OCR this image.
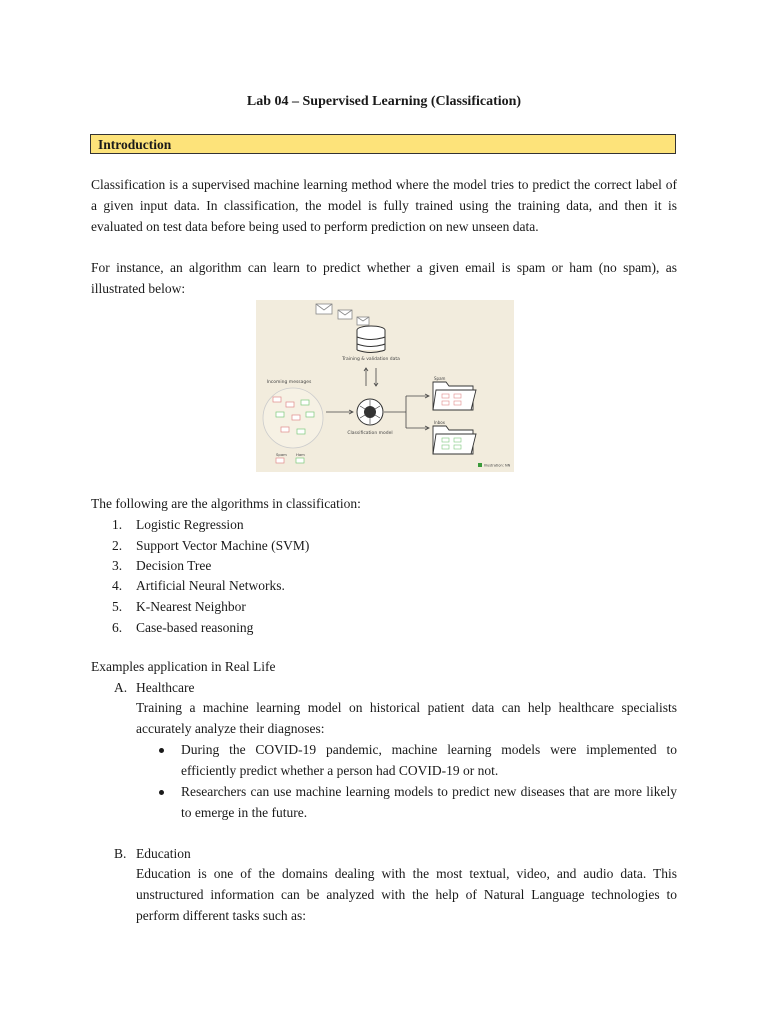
Lab 04 – Supervised Learning (Classification)
Introduction
Classification is a supervised machine learning method where the model tries to predict the correct label of a given input data. In classification, the model is fully trained using the training data, and then it is evaluated on test data before being used to perform prediction on new unseen data.
For instance, an algorithm can learn to predict whether a given email is spam or ham (no spam), as illustrated below:
Training & validation data
Incoming messages
Classification model
Spam
Inbox
Spam Ham
Illustration: NN
The following are the algorithms in classification:
1. Logistic Regression
2. Support Vector Machine (SVM)
3. Decision Tree
4. Artificial Neural Networks.
5. K-Nearest Neighbor
6. Case-based reasoning
Examples application in Real Life
A. Healthcare
Training a machine learning model on historical patient data can help healthcare specialists accurately analyze their diagnoses:
During the COVID-19 pandemic, machine learning models were implemented to efficiently predict whether a person had COVID-19 or not.
Researchers can use machine learning models to predict new diseases that are more likely to emerge in the future.
B. Education
Education is one of the domains dealing with the most textual, video, and audio data. This unstructured information can be analyzed with the help of Natural Language technologies to perform different tasks such as:
